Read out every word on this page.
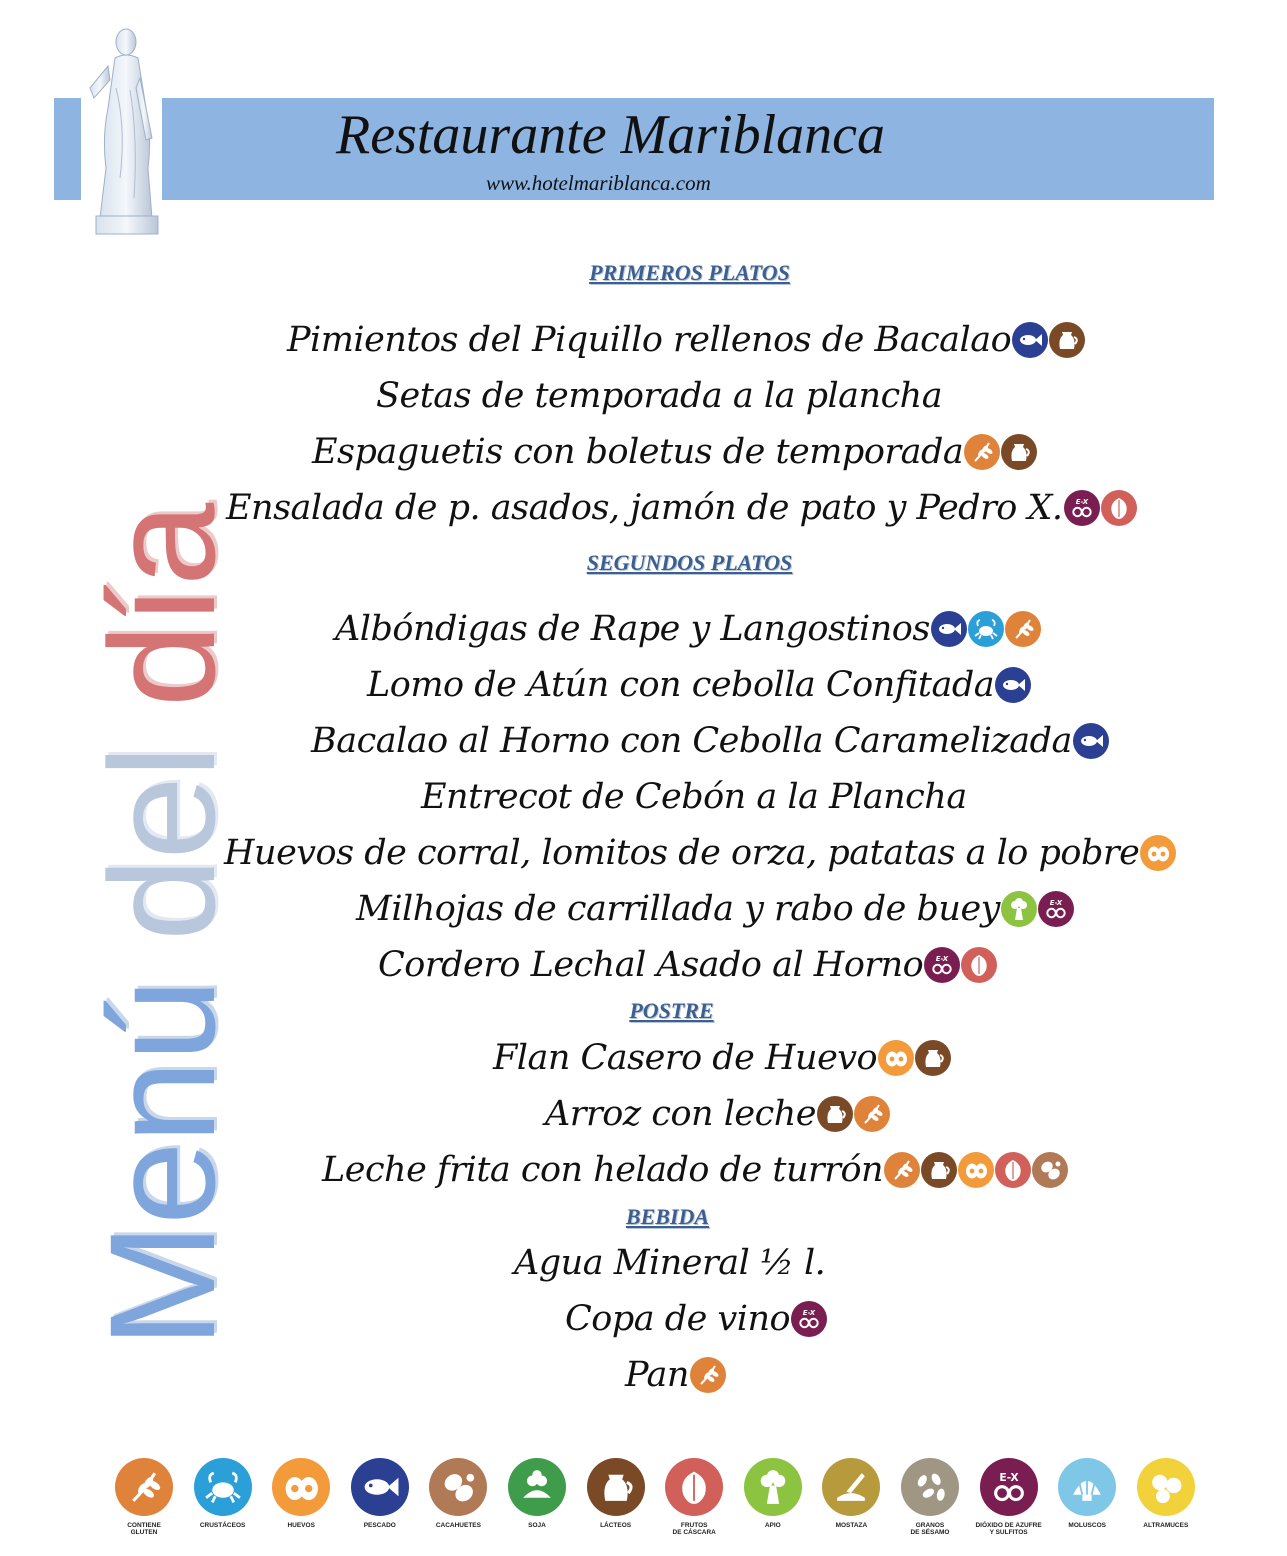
Restaurante Mariblanca
www.hotelmariblanca.com
Menú del día
PRIMEROS PLATOS
SEGUNDOS PLATOS
POSTRE
BEBIDA
Pimientos del Piquillo rellenos de Bacalao
Setas de temporada a la plancha
Espaguetis con boletus de temporada
Ensalada de p. asados, jamón de pato y Pedro X. E-X
Albóndigas de Rape y Langostinos
Lomo de Atún con cebolla Confitada
Bacalao al Horno con Cebolla Caramelizada
Entrecot de Cebón a la Plancha
Huevos de corral, lomitos de orza, patatas a lo pobre
Milhojas de carrillada y rabo de buey	E-X
Cordero Lechal Asado al Horno E-X
Flan Casero de Huevo
Arroz con leche
Leche frita con helado de turrón
Agua Mineral ½ l.
Copa de vino E-X
Pan
CONTIENE
GLUTEN
CRUSTÁCEOS	HUEVOS	PESCADO	CACAHUETES	SOJA	LÁCTEOS	FRUTOS
DE CÁSCARA
APIO	MOSTAZA	GRANOS
DE SÉSAMO
E-X
DIÓXIDO DE AZUFRE
Y SULFITOS
MOLUSCOS	ALTRAMUCES
